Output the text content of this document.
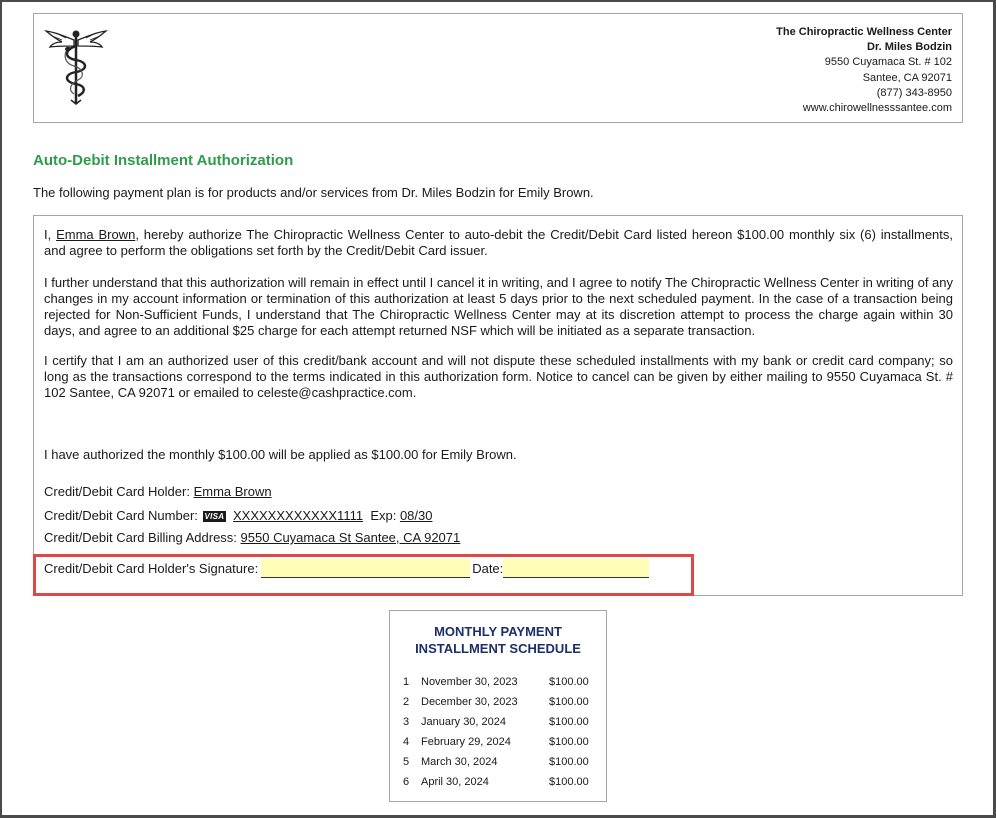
The Chiropractic Wellness Center
Dr. Miles Bodzin
9550 Cuyamaca St. # 102
Santee, CA 92071
(877) 343-8950
www.chirowellnesssantee.com
Auto-Debit Installment Authorization
The following payment plan is for products and/or services from Dr. Miles Bodzin for Emily Brown.

I, Emma Brown, hereby authorize The Chiropractic Wellness Center to auto-debit the Credit/Debit Card listed hereon $100.00 monthly six (6) installments, and agree to perform the obligations set forth by the Credit/Debit Card issuer.

I further understand that this authorization will remain in effect until I cancel it in writing, and I agree to notify The Chiropractic Wellness Center in writing of any changes in my account information or termination of this authorization at least 5 days prior to the next scheduled payment. In the case of a transaction being rejected for Non-Sufficient Funds, I understand that The Chiropractic Wellness Center may at its discretion attempt to process the charge again within 30 days, and agree to an additional $25 charge for each attempt returned NSF which will be initiated as a separate transaction.

I certify that I am an authorized user of this credit/bank account and will not dispute these scheduled installments with my bank or credit card company; so long as the transactions correspond to the terms indicated in this authorization form. Notice to cancel can be given by either mailing to 9550 Cuyamaca St. # 102 Santee, CA 92071 or emailed to celeste@cashpractice.com.

I have authorized the monthly $100.00 will be applied as $100.00 for Emily Brown.

Credit/Debit Card Holder: Emma Brown
Credit/Debit Card Number: VISA XXXXXXXXXXXX1111 Exp: 08/30
Credit/Debit Card Billing Address: 9550 Cuyamaca St Santee, CA 92071
Credit/Debit Card Holder's Signature:	Date:
MONTHLY PAYMENT
INSTALLMENT SCHEDULE
1	November 30, 2023	$100.00
2	December 30, 2023	$100.00
3	January 30, 2024	$100.00
4	February 29, 2024	$100.00
5	March 30, 2024	$100.00
6	April 30, 2024	$100.00
